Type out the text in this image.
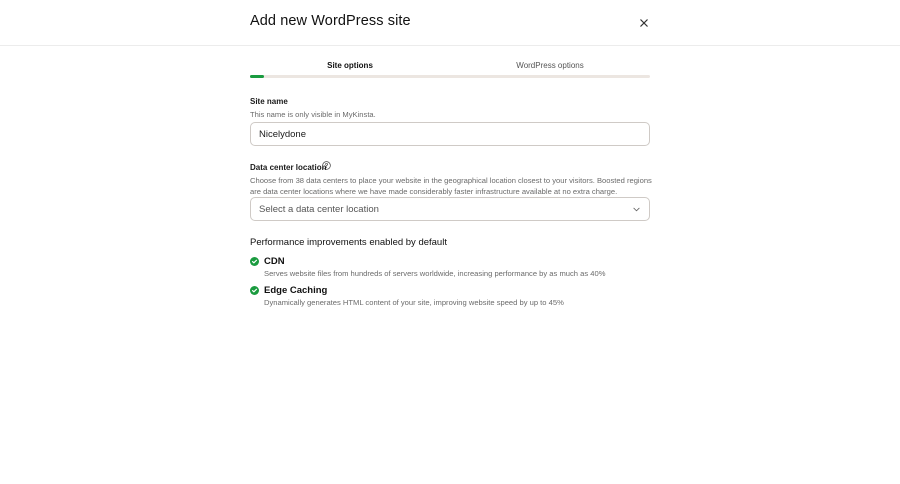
Add new WordPress site
Site options	WordPress options
Site name
This name is only visible in MyKinsta.
Nicelydone
Data center location
Choose from 38 data centers to place your website in the geographical location closest to your visitors. Boosted regions are data center locations where we have made considerably faster infrastructure available at no extra charge.
Select a data center location
Performance improvements enabled by default
CDN
Serves website files from hundreds of servers worldwide, increasing performance by as much as 40%
Edge Caching
Dynamically generates HTML content of your site, improving website speed by up to 45%
